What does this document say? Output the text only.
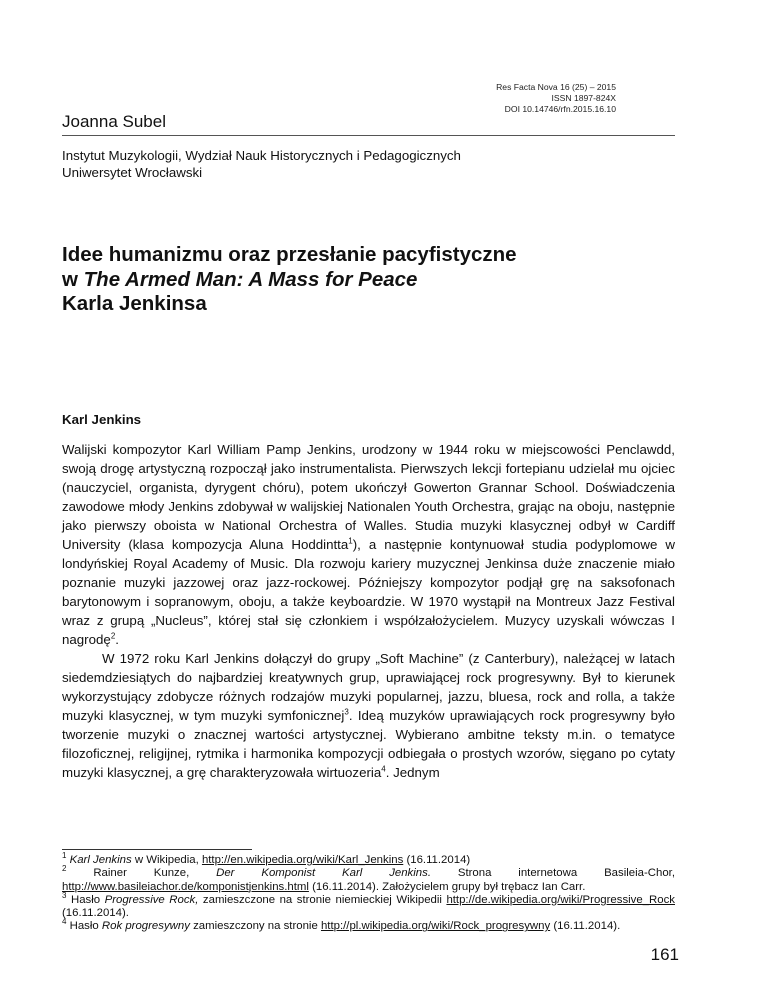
Res Facta Nova 16 (25) – 2015
ISSN 1897-824X
DOI 10.14746/rfn.2015.16.10
Joanna Subel
Instytut Muzykologii, Wydział Nauk Historycznych i Pedagogicznych
Uniwersytet Wrocławski
Idee humanizmu oraz przesłanie pacyfistyczne
w The Armed Man: A Mass for Peace
Karla Jenkinsa
Karl Jenkins

Walijski kompozytor Karl William Pamp Jenkins, urodzony w 1944 roku w miejscowości Penclawdd, swoją drogę artystyczną rozpoczął jako instrumentalista. Pierwszych lekcji fortepianu udzielał mu ojciec (nauczyciel, organista, dyrygent chóru), potem ukończył Gowerton Grannar School. Doświadczenia zawodowe młody Jenkins zdobywał w walijskiej Nationalen Youth Orchestra, grając na oboju, następnie jako pierwszy oboista w National Orchestra of Walles. Studia muzyki klasycznej odbył w Cardiff University (klasa kompozycja Aluna Hoddintta$^1$), a następnie kontynuował studia podyplomowe w londyńskiej Royal Academy of Music. Dla rozwoju kariery muzycznej Jenkinsa duże znaczenie miało poznanie muzyki jazzowej oraz jazz-rockowej. Późniejszy kompozytor podjął grę na saksofonach barytonowym i sopranowym, oboju, a także keyboardzie. W 1970 wystąpił na Montreux Jazz Festival wraz z grupą „Nucleus”, której stał się członkiem i współzałożycielem. Muzycy uzyskali wówczas I nagrodę$^2$.

W 1972 roku Karl Jenkins dołączył do grupy „Soft Machine” (z Canterbury), należącej w latach siedemdziesiątych do najbardziej kreatywnych grup, uprawiającej rock progresywny. Był to kierunek wykorzystujący zdobycze różnych rodzajów muzyki popularnej, jazzu, bluesa, rock and rolla, a także muzyki klasycznej, w tym muzyki symfonicznej$^3$. Ideą muzyków uprawiających rock progresywny było tworzenie muzyki o znacznej wartości artystycznej. Wybierano ambitne teksty m.in. o tematyce filozoficznej, religijnej, rytmika i harmonika kompozycji odbiegała o prostych wzorów, sięgano po cytaty muzyki klasycznej, a grę charakteryzowała wirtuozeria$^4$. Jednym

$^1$ Karl Jenkins w Wikipedia, http://en.wikipedia.org/wiki/Karl_Jenkins (16.11.2014)

$^2$ Rainer Kunze, Der Komponist Karl Jenkins. Strona internetowa Basileia-Chor, http://www.basileiachor.de/komponistjenkins.html (16.11.2014). Założycielem grupy był trębacz Ian Carr.

$^3$ Hasło Progressive Rock, zamieszczone na stronie niemieckiej Wikipedii http://de.wikipedia.org/wiki/Progressive_Rock (16.11.2014).

$^4$ Hasło Rok progresywny zamieszczony na stronie http://pl.wikipedia.org/wiki/Rock_progresywny (16.11.2014).

161
